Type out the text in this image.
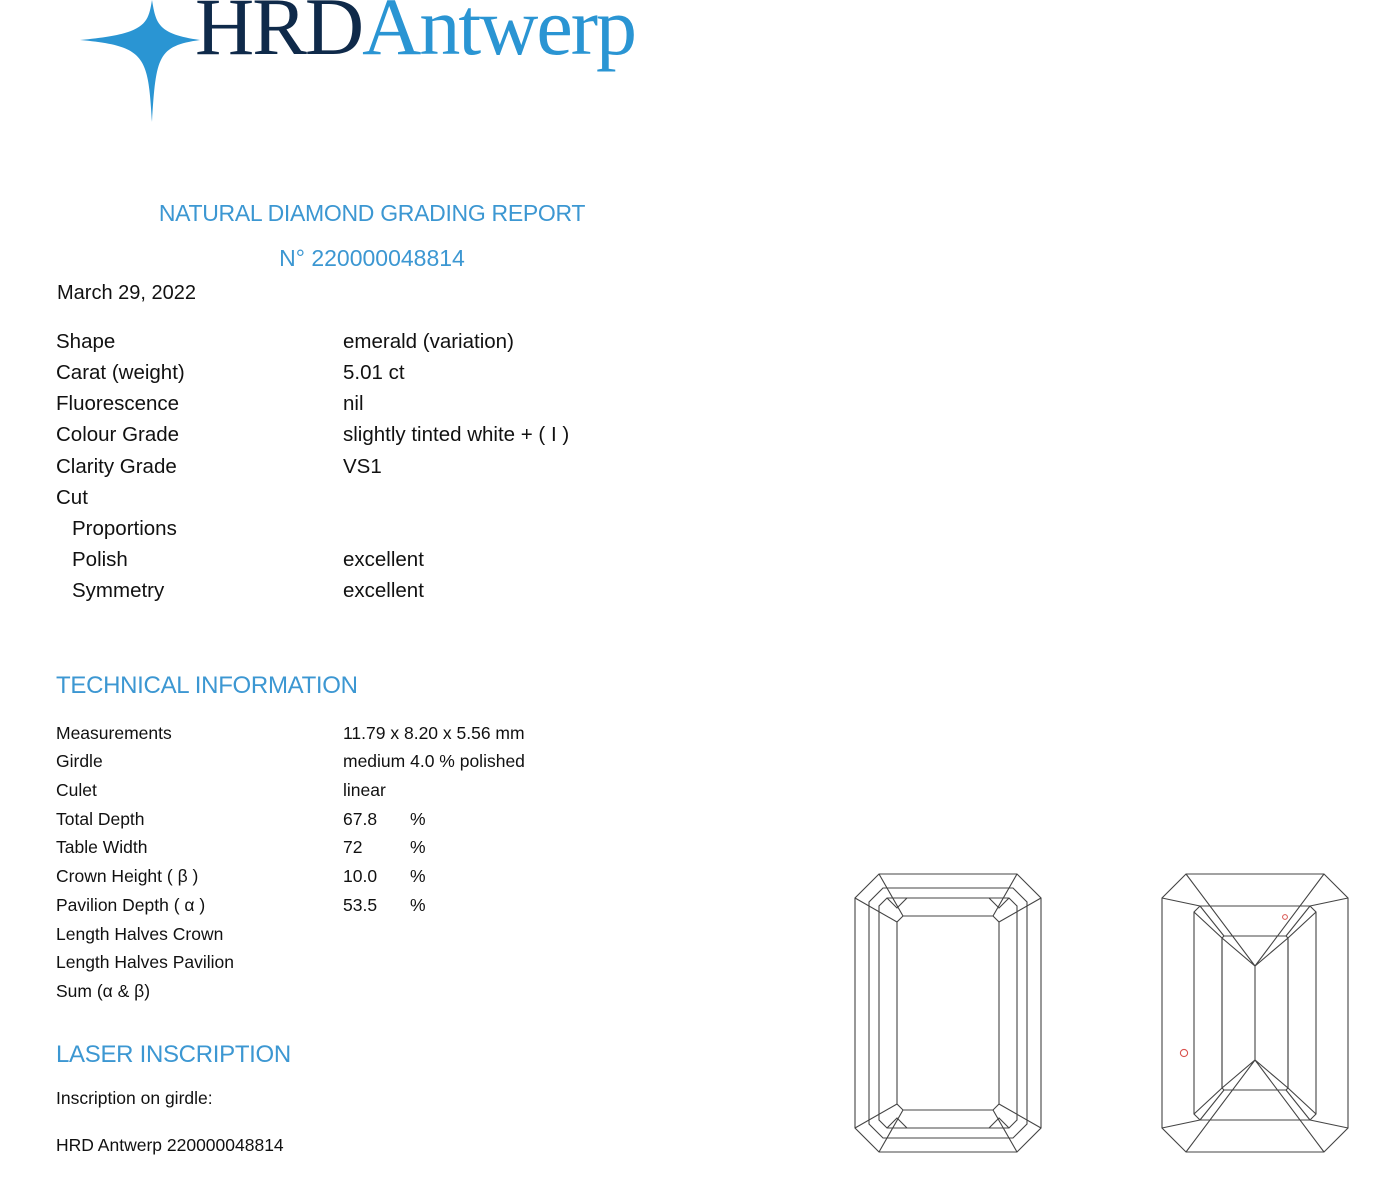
HRDAntwerp
NATURAL DIAMOND GRADING REPORT
N° 220000048814
March 29, 2022
Shape	emerald (variation)
Carat (weight)	5.01 ct
Fluorescence	nil
Colour Grade	slightly tinted white + ( I )
Clarity Grade	VS1
Cut
Proportions
Polish	excellent
Symmetry	excellent
TECHNICAL INFORMATION
Measurements	11.79 x 8.20 x 5.56 mm
Girdle	medium 4.0 % polished
Culet	linear
Total Depth	67.8 %
Table Width	72	%
Crown Height ( β )	10.0 %
Pavilion Depth ( α )	53.5 %
Length Halves Crown
Length Halves Pavilion
Sum (α & β)
LASER INSCRIPTION
Inscription on girdle:
HRD Antwerp 220000048814
